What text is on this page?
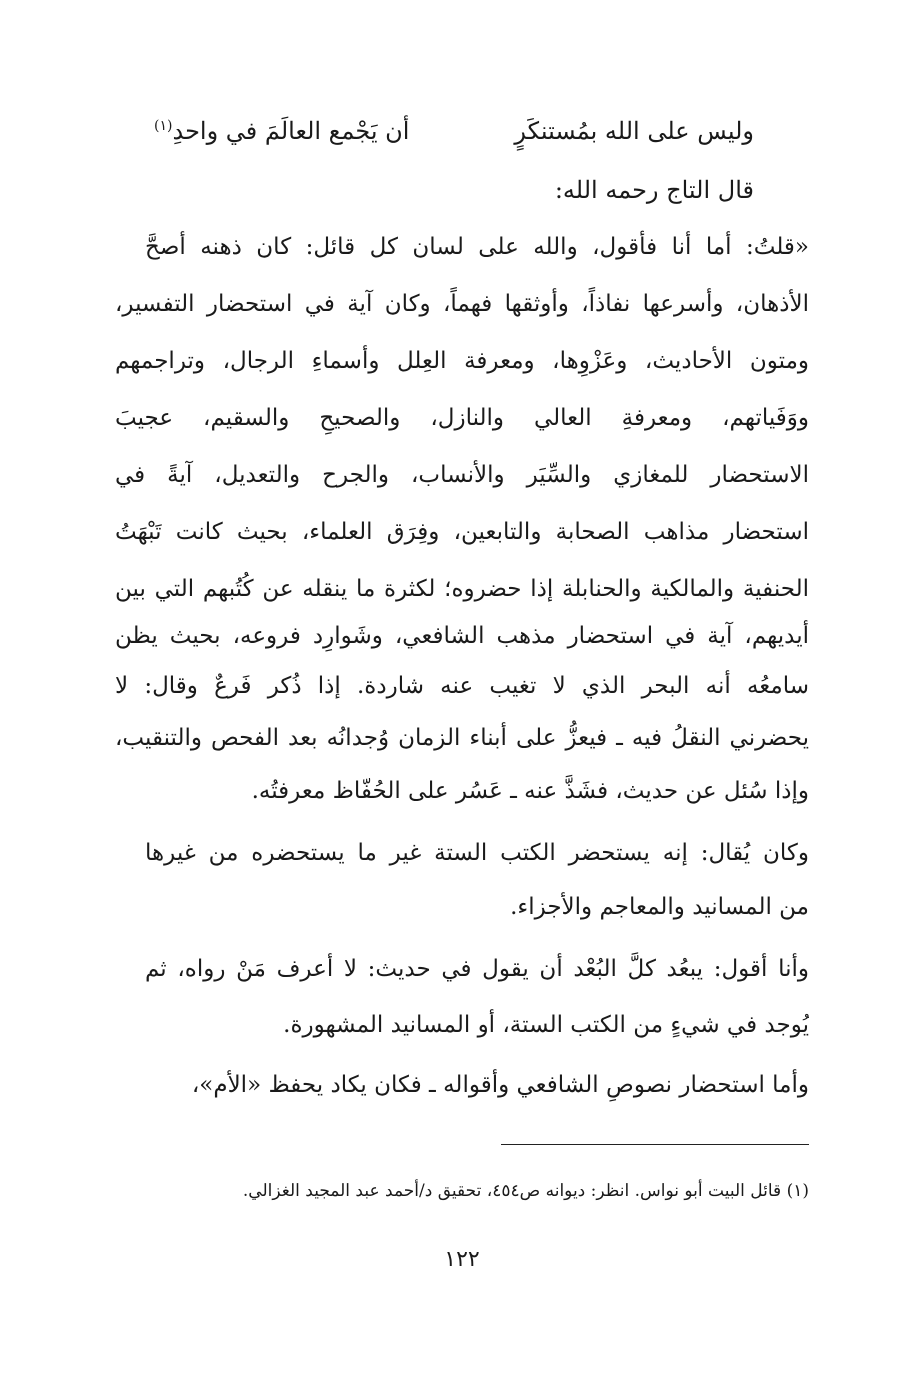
وليس على الله بمُستنكَرٍ
أن يَجْمع العالَمَ في واحدِ$^{(١)}$
قال التاج رحمه الله:
«قلتُ: أما أنا فأقول، والله على لسان كل قائل: كان ذهنه أصحَّ
الأذهان، وأسرعها نفاذاً، وأوثقها فهماً، وكان آية في استحضار التفسير،
ومتون الأحاديث، وعَزْوِها، ومعرفة العِلل وأسماءِ الرجال، وتراجمهم
ووَفَياتهم، ومعرفةِ العالي والنازل، والصحيحِ والسقيم، عجيبَ
الاستحضار للمغازي والسِّيَر والأنساب، والجرح والتعديل، آيةً في
استحضار مذاهب الصحابة والتابعين، وفِرَق العلماء، بحيث كانت تَبْهَتُ
الحنفية والمالكية والحنابلة إذا حضروه؛ لكثرة ما ينقله عن كُتُبهم التي بين
أيديهم، آية في استحضار مذهب الشافعي، وشَوارِد فروعه، بحيث يظن
سامعُه أنه البحر الذي لا تغيب عنه شاردة. إذا ذُكر فَرعٌ وقال: لا
يحضرني النقلُ فيه ـ فيعزُّ على أبناء الزمان وُجدانُه بعد الفحص والتنقيب،
وإذا سُئل عن حديث، فشَذَّ عنه ـ عَسُر على الحُفّاظ معرفتُه.
وكان يُقال: إنه يستحضر الكتب الستة غير ما يستحضره من غيرها
من المسانيد والمعاجم والأجزاء.
وأنا أقول: يبعُد كلَّ البُعْد أن يقول في حديث: لا أعرف مَنْ رواه، ثم
يُوجد في شيءٍ من الكتب الستة، أو المسانيد المشهورة.
وأما استحضار نصوصِ الشافعي وأقواله ـ فكان يكاد يحفظ «الأم»،
(١) قائل البيت أبو نواس. انظر: ديوانه ص٤٥٤، تحقيق د/أحمد عبد المجيد الغزالي.
١٢٢
